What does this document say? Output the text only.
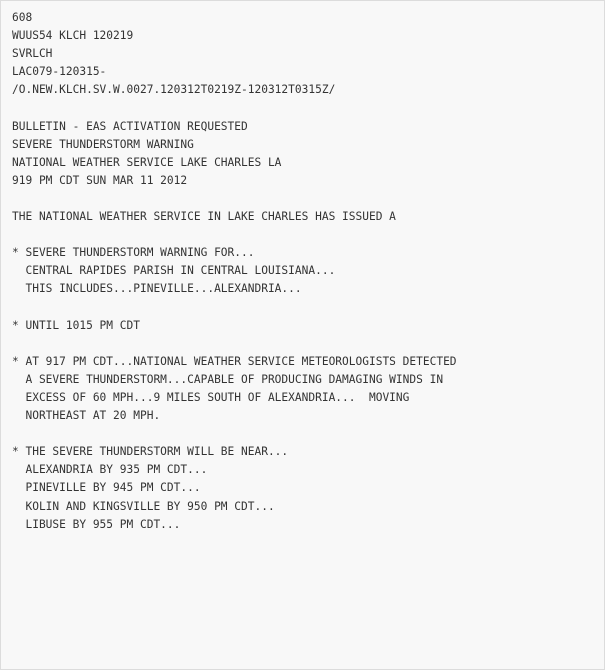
608
WUUS54 KLCH 120219
SVRLCH
LAC079-120315-
/O.NEW.KLCH.SV.W.0027.120312T0219Z-120312T0315Z/
BULLETIN - EAS ACTIVATION REQUESTED
SEVERE THUNDERSTORM WARNING
NATIONAL WEATHER SERVICE LAKE CHARLES LA
919 PM CDT SUN MAR 11 2012
THE NATIONAL WEATHER SERVICE IN LAKE CHARLES HAS ISSUED A
* SEVERE THUNDERSTORM WARNING FOR...
CENTRAL RAPIDES PARISH IN CENTRAL LOUISIANA...
THIS INCLUDES...PINEVILLE...ALEXANDRIA...
* UNTIL 1015 PM CDT
* AT 917 PM CDT...NATIONAL WEATHER SERVICE METEOROLOGISTS DETECTED
A SEVERE THUNDERSTORM...CAPABLE OF PRODUCING DAMAGING WINDS IN
EXCESS OF 60 MPH...9 MILES SOUTH OF ALEXANDRIA...  MOVING
NORTHEAST AT 20 MPH.
* THE SEVERE THUNDERSTORM WILL BE NEAR...
ALEXANDRIA BY 935 PM CDT...
PINEVILLE BY 945 PM CDT...
KOLIN AND KINGSVILLE BY 950 PM CDT...
LIBUSE BY 955 PM CDT...
